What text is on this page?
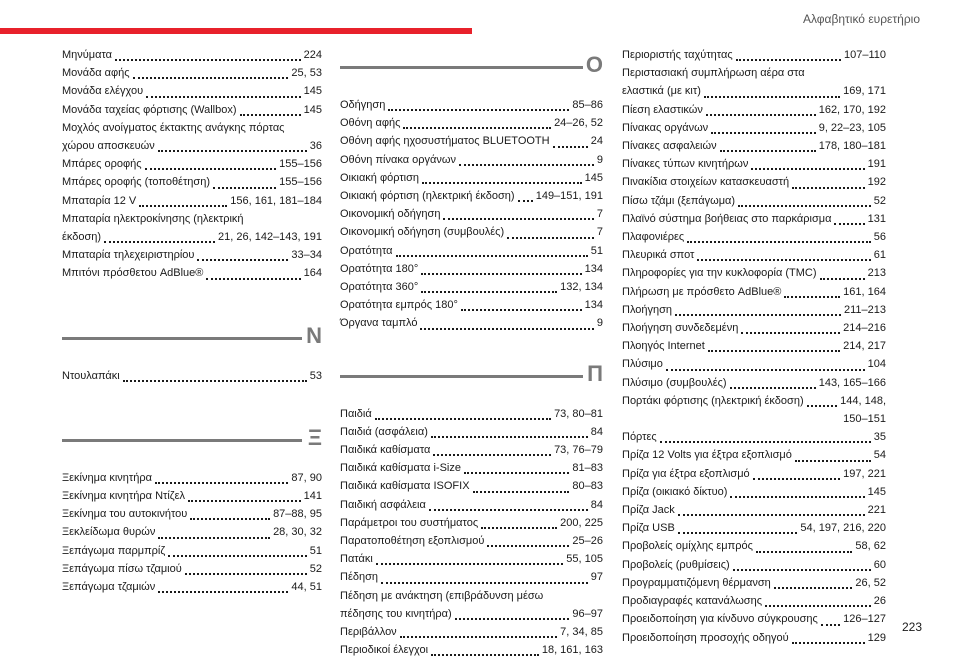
Αλφαβητικό ευρετήριο
Μηνύματα	224
Μονάδα αφής	25, 53
Μονάδα ελέγχου	145
Μονάδα ταχείας φόρτισης (Wallbox)	145
Μοχλός ανοίγματος έκτακτης ανάγκης πόρτας
χώρου αποσκευών	36
Μπάρες οροφής	155–156
Μπάρες οροφής (τοποθέτηση)	155–156
Μπαταρία 12 V	156, 161, 181–184
Μπαταρία ηλεκτροκίνησης (ηλεκτρική
έκδοση)	21, 26, 142–143, 191
Μπαταρία τηλεχειριστηρίου	33–34
Μπιτόνι πρόσθετου AdBlue®	164
N
Ντουλαπάκι	53
Ξ
Ξεκίνημα κινητήρα	87, 90
Ξεκίνημα κινητήρα Ντίζελ	141
Ξεκίνημα του αυτοκινήτου	87–88, 95
Ξεκλείδωμα θυρών	28, 30, 32
Ξεπάγωμα παρμπρίζ	51
Ξεπάγωμα πίσω τζαμιού	52
Ξεπάγωμα τζαμιών	44, 51
O
Οδήγηση	85–86
Οθόνη αφής	24–26, 52
Οθόνη αφής ηχοσυστήματος BLUETOOTH	24
Οθόνη πίνακα οργάνων	9
Οικιακή φόρτιση	145
Οικιακή φόρτιση (ηλεκτρική έκδοση) 149–151, 191
Οικονομική οδήγηση	7
Οικονομική οδήγηση (συμβουλές)	7
Ορατότητα	51
Ορατότητα 180°	134
Ορατότητα 360°	132, 134
Ορατότητα εμπρός 180°	134
Όργανα ταμπλό	9
Π
Παιδιά	73, 80–81
Παιδιά (ασφάλεια)	84
Παιδικά καθίσματα	73, 76–79
Παιδικά καθίσματα i-Size	81–83
Παιδικά καθίσματα ISOFIX	80–83
Παιδική ασφάλεια	84
Παράμετροι του συστήματος	200, 225
Παρατοποθέτηση εξοπλισμού	25–26
Πατάκι	55, 105
Πέδηση	97
Πέδηση με ανάκτηση (επιβράδυνση μέσω
πέδησης του κινητήρα)	96–97
Περιβάλλον	7, 34, 85
Περιοδικοί έλεγχοι	18, 161, 163
Περιοριστής ταχύτητας	107–110
Περιστασιακή συμπλήρωση αέρα στα
ελαστικά (με κιτ)	169, 171
Πίεση ελαστικών	162, 170, 192
Πίνακας οργάνων	9, 22–23, 105
Πίνακες ασφαλειών	178, 180–181
Πίνακες τύπων κινητήρων	191
Πινακίδια στοιχείων κατασκευαστή	192
Πίσω τζάμι (ξεπάγωμα)	52
Πλαϊνό σύστημα βοήθειας στο παρκάρισμα	131
Πλαφονιέρες	56
Πλευρικά σποτ	61
Πληροφορίες για την κυκλοφορία (TMC)	213
Πλήρωση με πρόσθετο AdBlue®	161, 164
Πλοήγηση	211–213
Πλοήγηση συνδεδεμένη	214–216
Πλοηγός Internet	214, 217
Πλύσιμο	104
Πλύσιμο (συμβουλές)	143, 165–166
Πορτάκι φόρτισης (ηλεκτρική έκδοση)	144, 148,
150–151
Πόρτες	35
Πρίζα 12 Volts για έξτρα εξοπλισμό	54
Πρίζα για έξτρα εξοπλισμό	197, 221
Πρίζα (οικιακό δίκτυο)	145
Πρίζα Jack	221
Πρίζα USB	54, 197, 216, 220
Προβολείς ομίχλης εμπρός	58, 62
Προβολείς (ρυθμίσεις)	60
Προγραμματιζόμενη θέρμανση	26, 52
Προδιαγραφές κατανάλωσης	26
Προειδοποίηση για κίνδυνο σύγκρουσης 126–127
Προειδοποίηση προσοχής οδηγού	129
223
